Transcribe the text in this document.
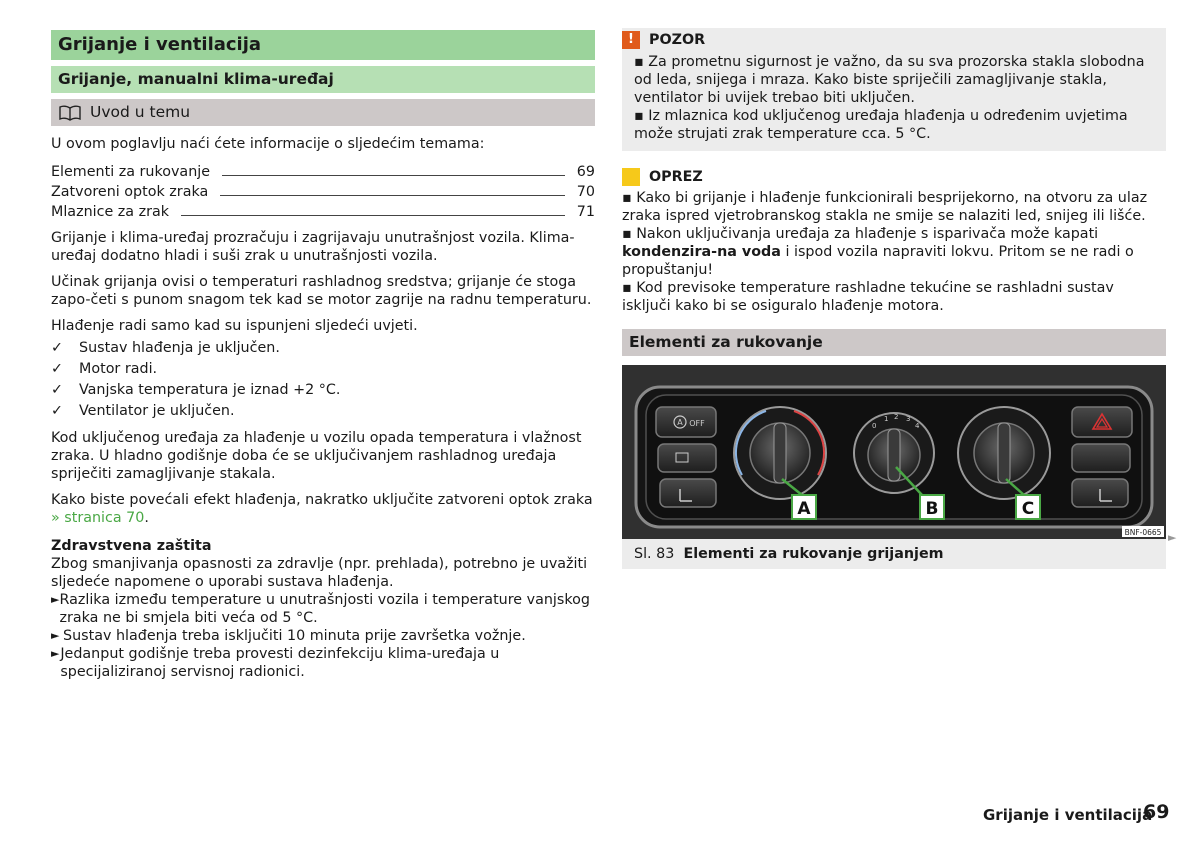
Grijanje i ventilacija
Grijanje, manualni klima-uređaj
Uvod u temu

U ovom poglavlju naći ćete informacije o sljedećim temama:

Elementi za rukovanje	69
Zatvoreni optok zraka	70
Mlaznice za zrak	71

Grijanje i klima-uređaj prozračuju i zagrijavaju unutrašnjost vozila. Klima-uređaj dodatno hladi i suši zrak u unutrašnjosti vozila.

Učinak grijanja ovisi o temperaturi rashladnog sredstva; grijanje će stoga zapo-četi s punom snagom tek kad se motor zagrije na radnu temperaturu.

Hlađenje radi samo kad su ispunjeni sljedeći uvjeti.

✓	Sustav hlađenja je uključen.
✓	Motor radi.
✓	Vanjska temperatura je iznad +2 °C.
✓	Ventilator je uključen.

Kod uključenog uređaja za hlađenje u vozilu opada temperatura i vlažnost zraka. U hladno godišnje doba će se uključivanjem rashladnog uređaja spriječiti zamagljivanje stakala.

Kako biste povećali efekt hlađenja, nakratko uključite zatvoreni optok zraka » stranica 70.

Zdravstvena zaštita
Zbog smanjivanja opasnosti za zdravlje (npr. prehlada), potrebno je uvažiti sljedeće napomene o uporabi sustava hlađenja.
► Razlika između temperature u unutrašnjosti vozila i temperature vanjskog zraka ne bi smjela biti veća od 5 °C.
► Sustav hlađenja treba isključiti 10 minuta prije završetka vožnje.
► Jedanput godišnje treba provesti dezinfekciju klima-uređaja u specijaliziranoj servisnoj radionici.
!	POZOR
▪ Za prometnu sigurnost je važno, da su sva prozorska stakla slobodna od leda, snijega i mraza. Kako biste spriječili zamagljivanje stakla, ventilator bi uvijek trebao biti uključen.
▪ Iz mlaznica kod uključenog uređaja hlađenja u određenim uvjetima može strujati zrak temperature cca. 5 °C.
.	OPREZ
▪ Kako bi grijanje i hlađenje funkcionirali besprijekorno, na otvoru za ulaz zraka ispred vjetrobranskog stakla ne smije se nalaziti led, snijeg ili lišće.
▪ Nakon uključivanja uređaja za hlađenje s isparivača može kapati kondenzira-na voda i ispod vozila napraviti lokvu. Pritom se ne radi o propuštanju!
▪ Kod previsoke temperature rashladne tekućine se rashladni sustav isključi kako bi se osiguralo hlađenje motora.
Elementi za rukovanje
A OFF	0
1 2 3
4
A	B	C
BNF-0665
Sl. 83 Elementi za rukovanje grijanjem
►
Grijanje i ventilacija
69
